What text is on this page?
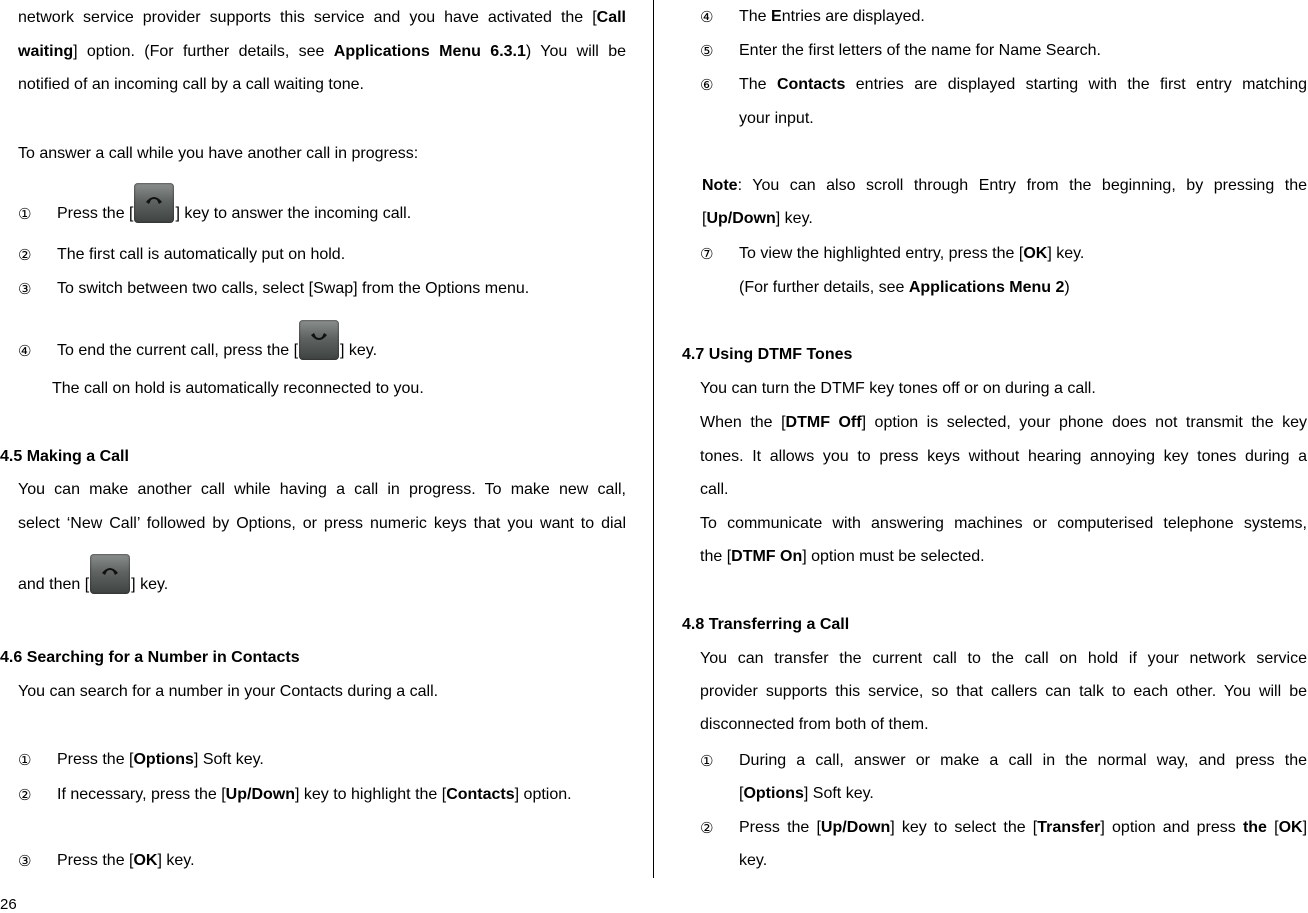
network service provider supports this service and you have activated the [Call
waiting] option. (For further details, see Applications Menu 6.3.1) You will be
notified of an incoming call by a call waiting tone.
To answer a call while you have another call in progress:
① Press the [	] key to answer the incoming call.
② The first call is automatically put on hold.
③ To switch between two calls, select [Swap] from the Options menu.
④ To end the current call, press the [	] key.
The call on hold is automatically reconnected to you.
4.5 Making a Call
You can make another call while having a call in progress. To make new call,
select ‘New Call’ followed by Options, or press numeric keys that you want to dial
and then [	] key.
4.6 Searching for a Number in Contacts
You can search for a number in your Contacts during a call.
① Press the [Options] Soft key.
② If necessary, press the [Up/Down] key to highlight the [Contacts] option.
③ Press the [OK] key.
26
④ The Entries are displayed.
⑤ Enter the first letters of the name for Name Search.
⑥ The Contacts entries are displayed starting with the first entry matching
your input.
Note: You can also scroll through Entry from the beginning, by pressing the
[Up/Down] key.
⑦ To view the highlighted entry, press the [OK] key.
(For further details, see Applications Menu 2)
4.7 Using DTMF Tones
You can turn the DTMF key tones off or on during a call.
When the [DTMF Off] option is selected, your phone does not transmit the key
tones. It allows you to press keys without hearing annoying key tones during a
call.
To communicate with answering machines or computerised telephone systems,
the [DTMF On] option must be selected.
4.8 Transferring a Call
You can transfer the current call to the call on hold if your network service
provider supports this service, so that callers can talk to each other. You will be
disconnected from both of them.
① During a call, answer or make a call in the normal way, and press the
[Options] Soft key.
② Press the [Up/Down] key to select the [Transfer] option and press the [OK]
key.
